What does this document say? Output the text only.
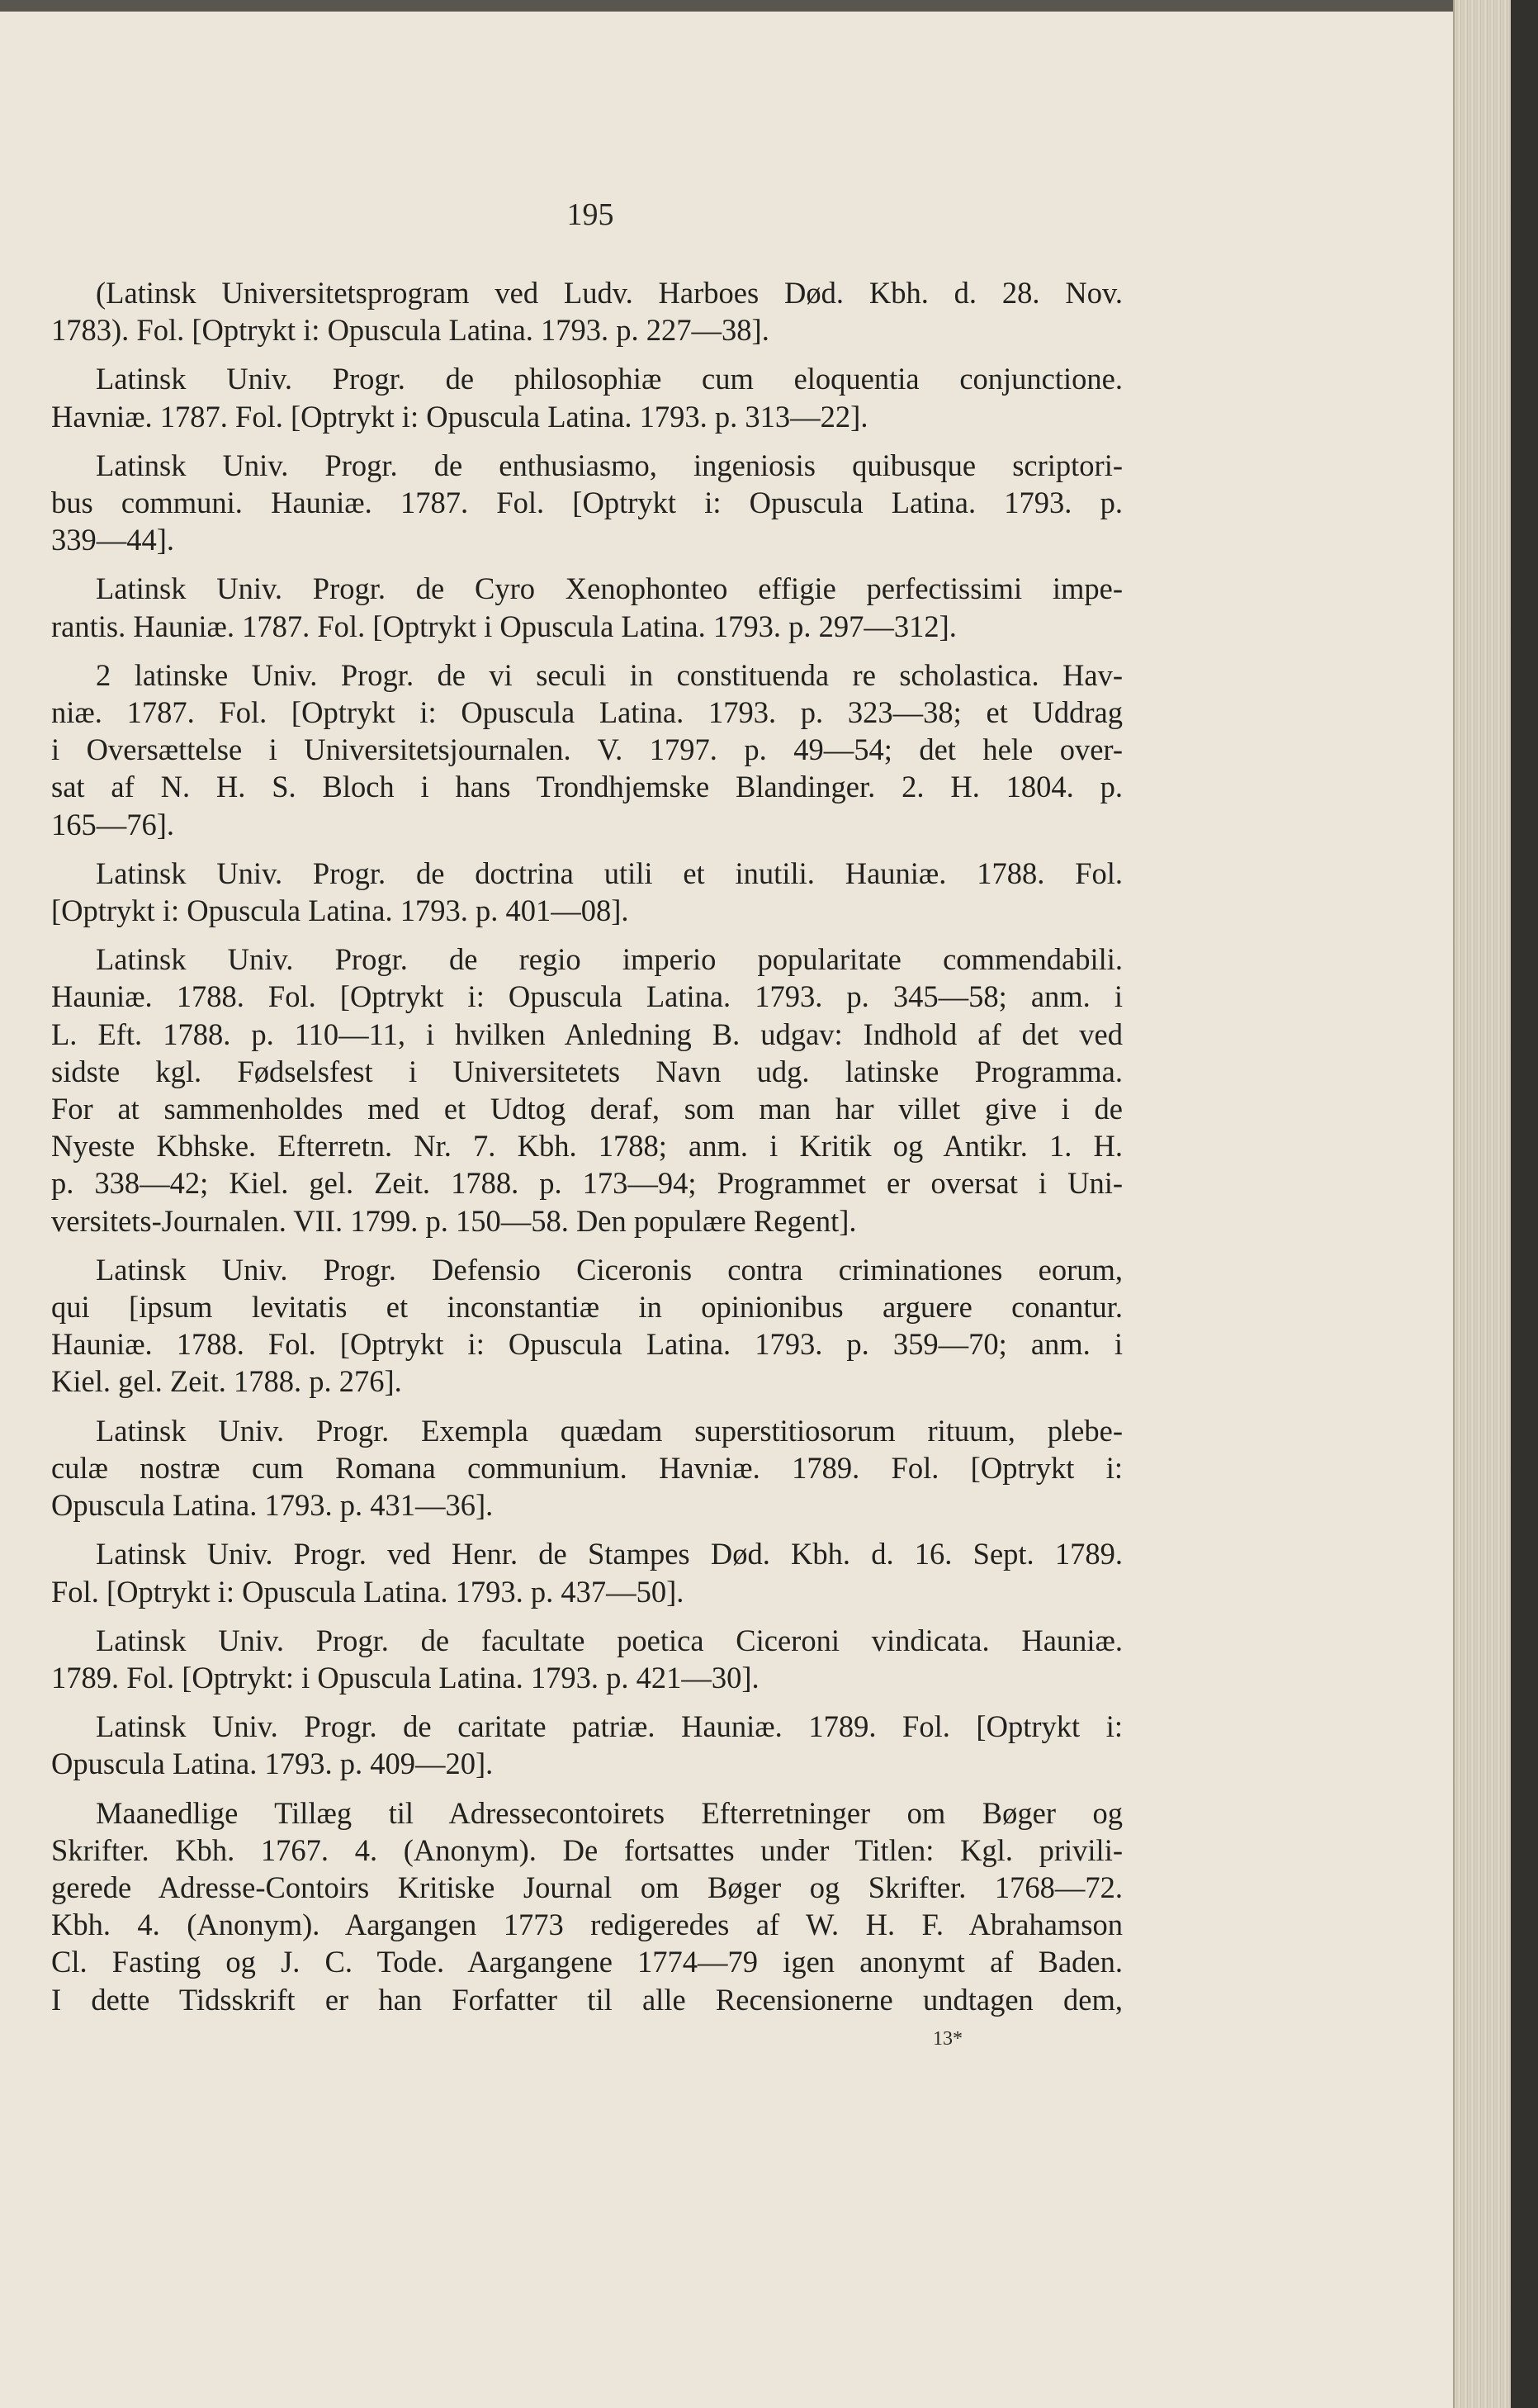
195
(Latinsk Universitetsprogram ved Ludv. Harboes Død. Kbh. d. 28. Nov.
1783). Fol. [Optrykt i: Opuscula Latina. 1793. p. 227—38].
Latinsk Univ. Progr. de philosophiæ cum eloquentia conjunctione.
Havniæ. 1787. Fol. [Optrykt i: Opuscula Latina. 1793. p. 313—22].
Latinsk Univ. Progr. de enthusiasmo, ingeniosis quibusque scriptori-
bus communi. Hauniæ. 1787. Fol. [Optrykt i: Opuscula Latina. 1793. p.
339—44].
Latinsk Univ. Progr. de Cyro Xenophonteo effigie perfectissimi impe-
rantis. Hauniæ. 1787. Fol. [Optrykt i Opuscula Latina. 1793. p. 297—312].
2 latinske Univ. Progr. de vi seculi in constituenda re scholastica. Hav-
niæ. 1787. Fol. [Optrykt i: Opuscula Latina. 1793. p. 323—38; et Uddrag
i Oversættelse i Universitetsjournalen. V. 1797. p. 49—54; det hele over-
sat af N. H. S. Bloch i hans Trondhjemske Blandinger. 2. H. 1804. p.
165—76].
Latinsk Univ. Progr. de doctrina utili et inutili. Hauniæ. 1788. Fol.
[Optrykt i: Opuscula Latina. 1793. p. 401—08].
Latinsk Univ. Progr. de regio imperio popularitate commendabili.
Hauniæ. 1788. Fol. [Optrykt i: Opuscula Latina. 1793. p. 345—58; anm. i
L. Eft. 1788. p. 110—11, i hvilken Anledning B. udgav: Indhold af det ved
sidste kgl. Fødselsfest i Universitetets Navn udg. latinske Programma.
For at sammenholdes med et Udtog deraf, som man har villet give i de
Nyeste Kbhske. Efterretn. Nr. 7. Kbh. 1788; anm. i Kritik og Antikr. 1. H.
p. 338—42; Kiel. gel. Zeit. 1788. p. 173—94; Programmet er oversat i Uni-
versitets-Journalen. VII. 1799. p. 150—58. Den populære Regent].
Latinsk Univ. Progr. Defensio Ciceronis contra criminationes eorum,
qui [ipsum levitatis et inconstantiæ in opinionibus arguere conantur.
Hauniæ. 1788. Fol. [Optrykt i: Opuscula Latina. 1793. p. 359—70; anm. i
Kiel. gel. Zeit. 1788. p. 276].
Latinsk Univ. Progr. Exempla quædam superstitiosorum rituum, plebe-
culæ nostræ cum Romana communium. Havniæ. 1789. Fol. [Optrykt i:
Opuscula Latina. 1793. p. 431—36].
Latinsk Univ. Progr. ved Henr. de Stampes Død. Kbh. d. 16. Sept. 1789.
Fol. [Optrykt i: Opuscula Latina. 1793. p. 437—50].
Latinsk Univ. Progr. de facultate poetica Ciceroni vindicata. Hauniæ.
1789. Fol. [Optrykt: i Opuscula Latina. 1793. p. 421—30].
Latinsk Univ. Progr. de caritate patriæ. Hauniæ. 1789. Fol. [Optrykt i:
Opuscula Latina. 1793. p. 409—20].
Maanedlige Tillæg til Adressecontoirets Efterretninger om Bøger og
Skrifter. Kbh. 1767. 4. (Anonym). De fortsattes under Titlen: Kgl. privili-
gerede Adresse-Contoirs Kritiske Journal om Bøger og Skrifter. 1768—72.
Kbh. 4. (Anonym). Aargangen 1773 redigeredes af W. H. F. Abrahamson
Cl. Fasting og J. C. Tode. Aargangene 1774—79 igen anonymt af Baden.
I dette Tidsskrift er han Forfatter til alle Recensionerne undtagen dem,
13*
